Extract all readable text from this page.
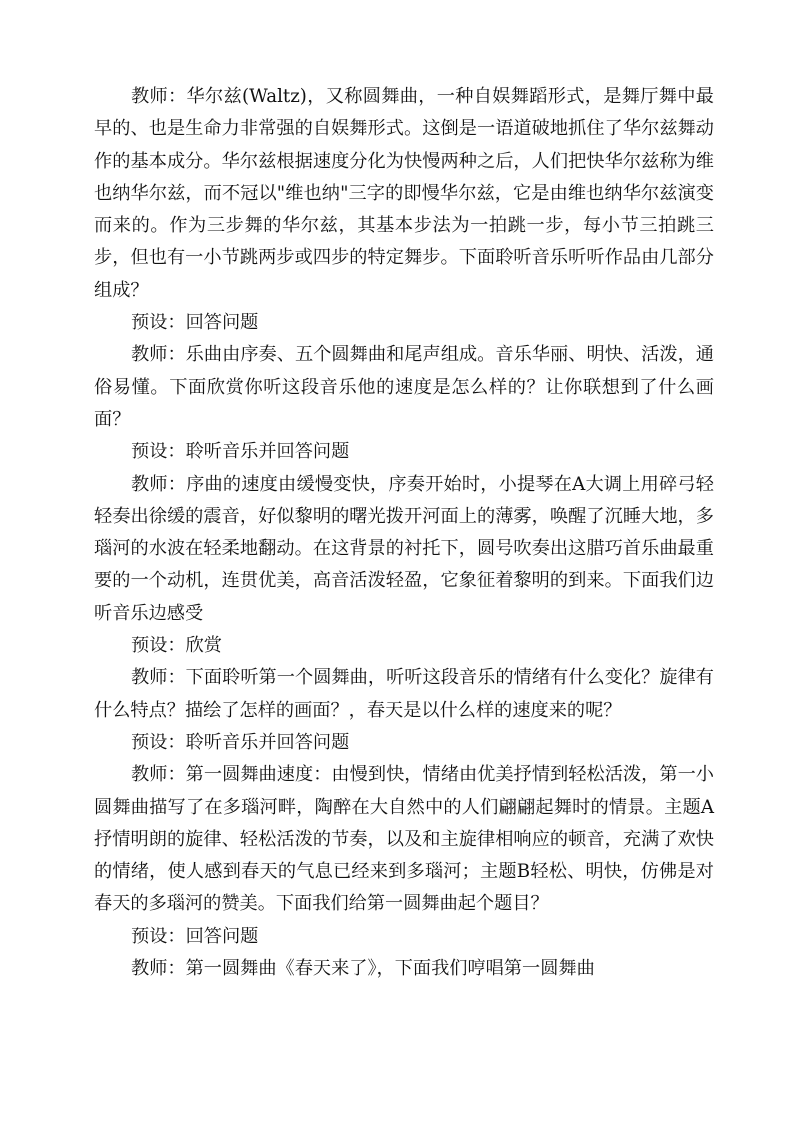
教师：华尔兹(Waltz)，又称圆舞曲，一种自娱舞蹈形式，是舞厅舞中最早的、也是生命力非常强的自娱舞形式。这倒是一语道破地抓住了华尔兹舞动作的基本成分。华尔兹根据速度分化为快慢两种之后，人们把快华尔兹称为维也纳华尔兹，而不冠以"维也纳"三字的即慢华尔兹，它是由维也纳华尔兹演变而来的。作为三步舞的华尔兹，其基本步法为一拍跳一步，每小节三拍跳三步，但也有一小节跳两步或四步的特定舞步。下面聆听音乐听听作品由几部分组成？

预设：回答问题

教师：乐曲由序奏、五个圆舞曲和尾声组成。音乐华丽、明快、活泼，通俗易懂。下面欣赏你听这段音乐他的速度是怎么样的？让你联想到了什么画面？

预设：聆听音乐并回答问题

教师：序曲的速度由缓慢变快，序奏开始时，小提琴在A大调上用碎弓轻轻奏出徐缓的震音，好似黎明的曙光拨开河面上的薄雾，唤醒了沉睡大地，多瑙河的水波在轻柔地翻动。在这背景的衬托下，圆号吹奏出这腊巧首乐曲最重要的一个动机，连贯优美，高音活泼轻盈，它象征着黎明的到来。下面我们边听音乐边感受

预设：欣赏

教师：下面聆听第一个圆舞曲，听听这段音乐的情绪有什么变化？旋律有什么特点？描绘了怎样的画面？，春天是以什么样的速度来的呢？

预设：聆听音乐并回答问题

教师：第一圆舞曲速度：由慢到快，情绪由优美抒情到轻松活泼，第一小圆舞曲描写了在多瑙河畔，陶醉在大自然中的人们翩翩起舞时的情景。主题A抒情明朗的旋律、轻松活泼的节奏，以及和主旋律相响应的顿音，充满了欢快的情绪，使人感到春天的气息已经来到多瑙河；主题B轻松、明快，仿佛是对春天的多瑙河的赞美。下面我们给第一圆舞曲起个题目？

预设：回答问题

教师：第一圆舞曲《春天来了》，下面我们哼唱第一圆舞曲
